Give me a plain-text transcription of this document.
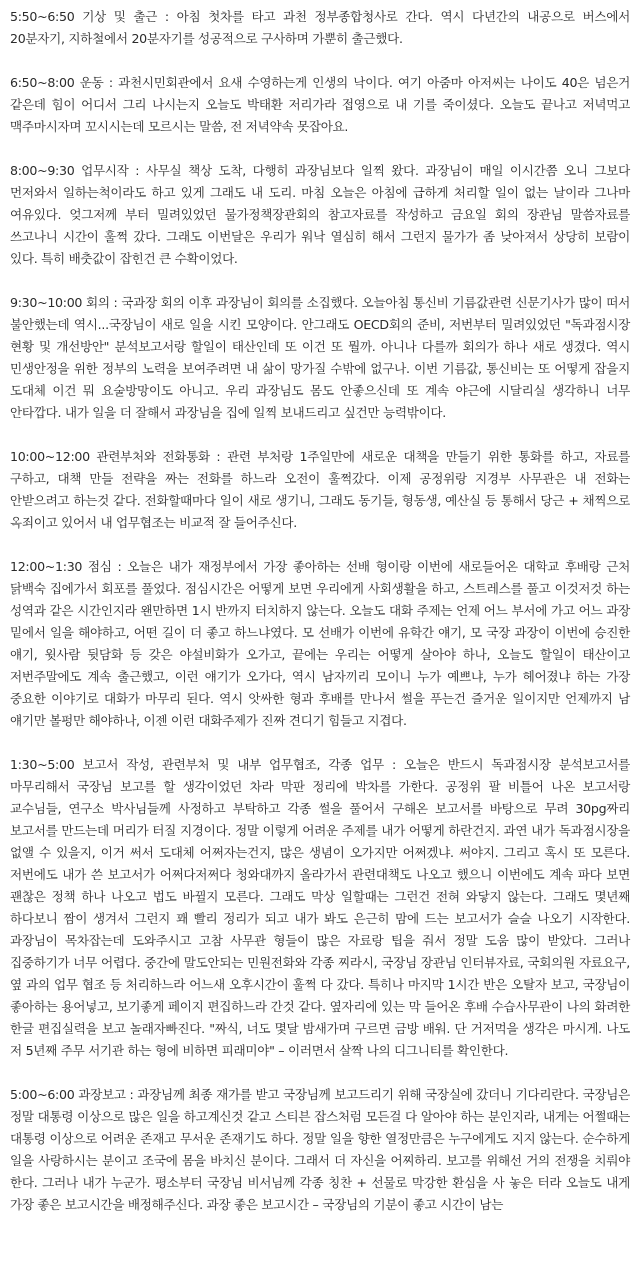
5:50~6:50 기상 및 출근 : 아침 첫차를 타고 과천 정부종합청사로 간다. 역시 다년간의 내공으로 버스에서 20분자기, 지하철에서 20분자기를 성공적으로 구사하며 가뿐히 출근했다.

6:50~8:00 운동 : 과천시민회관에서 요새 수영하는게 인생의 낙이다. 여기 아줌마 아저씨는 나이도 40은 넘은거 같은데 힘이 어디서 그리 나시는지 오늘도 박태환 저리가라 접영으로 내 기를 죽이셨다. 오늘도 끝나고 저녁먹고 맥주마시자며 꼬시시는데 모르시는 말씀, 전 저녁약속 못잡아요.

8:00~9:30 업무시작 : 사무실 책상 도착, 다행히 과장님보다 일찍 왔다. 과장님이 매일 이시간쯤 오니 그보다 먼저와서 일하는척이라도 하고 있게 그래도 내 도리. 마침 오늘은 아침에 급하게 처리할 일이 없는 날이라 그나마 여유있다. 엊그저께 부터 밀려있었던 물가정책장관회의 참고자료를 작성하고 금요일 회의 장관님 말씀자료를 쓰고나니 시간이 훌쩍 갔다. 그래도 이번달은 우리가 워낙 열심히 해서 그런지 물가가 좀 낮아져서 상당히 보람이 있다. 특히 배춧값이 잡힌건 큰 수확이었다.

9:30~10:00 회의 : 국과장 회의 이후 과장님이 회의를 소집했다. 오늘아침 통신비 기름값관련 신문기사가 많이 떠서 불안했는데 역시...국장님이 새로 일을 시킨 모양이다. 안그래도 OECD회의 준비, 저번부터 밀려있었던 "독과점시장 현황 및 개선방안" 분석보고서랑 할일이 태산인데 또 이건 또 뭘까. 아니나 다를까 회의가 하나 새로 생겼다. 역시 민생안정을 위한 정부의 노력을 보여주려면 내 삶이 망가질 수밖에 없구나. 이번 기름값, 통신비는 또 어떻게 잡을지 도대체 이건 뭐 요술방망이도 아니고. 우리 과장님도 몸도 안좋으신데 또 계속 야근에 시달리실 생각하니 너무 안타깝다. 내가 일을 더 잘해서 과장님을 집에 일찍 보내드리고 싶건만 능력밖이다.

10:00~12:00 관련부처와 전화통화 : 관련 부처랑 1주일만에 새로운 대책을 만들기 위한 통화를 하고, 자료를 구하고, 대책 만들 전략을 짜는 전화를 하느라 오전이 훌쩍갔다. 이제 공정위랑 지경부 사무관은 내 전화는 안받으려고 하는것 같다. 전화할때마다 일이 새로 생기니, 그래도 동기들, 형동생, 예산실 등 통해서 당근 + 채찍으로 옥죄이고 있어서 내 업무협조는 비교적 잘 들어주신다.

12:00~1:30 점심 : 오늘은 내가 재정부에서 가장 좋아하는 선배 형이랑 이번에 새로들어온 대학교 후배랑 근처 닭백숙 집에가서 회포를 풀었다. 점심시간은 어떻게 보면 우리에게 사회생활을 하고, 스트레스를 풀고 이것저것 하는 성역과 같은 시간인지라 왠만하면 1시 반까지 터치하지 않는다. 오늘도 대화 주제는 언제 어느 부서에 가고 어느 과장 밑에서 일을 해야하고, 어떤 길이 더 좋고 하느냐였다. 모 선배가 이번에 유학간 얘기, 모 국장 과장이 이번에 승진한 얘기, 윗사람 뒷담화 등 갖은 야설비화가 오가고, 끝에는 우리는 어떻게 살아야 하나, 오늘도 할일이 태산이고 저번주말에도 계속 출근했고, 이런 얘기가 오가다, 역시 남자끼리 모이니 누가 예쁘냐, 누가 헤어졌냐 하는 가장 중요한 이야기로 대화가 마무리 된다. 역시 앗싸한 형과 후배를 만나서 썰을 푸는건 즐거운 일이지만 언제까지 남 얘기만 볼펑만 해야하나, 이젠 이런 대화주제가 진짜 견디기 힘들고 지겹다.

1:30~5:00 보고서 작성, 관련부처 및 내부 업무협조, 각종 업무 : 오늘은 반드시 독과점시장 분석보고서를 마무리해서 국장님 보고를 할 생각이었던 차라 막판 정리에 박차를 가한다. 공정위 팔 비틀어 나온 보고서랑 교수님들, 연구소 박사님들께 사정하고 부탁하고 각종 썰을 풀어서 구해온 보고서를 바탕으로 무려 30pg짜리 보고서를 만드는데 머리가 터질 지경이다. 정말 이렇게 어려운 주제를 내가 어떻게 하란건지. 과연 내가 독과점시장을 없앨 수 있을지, 이거 써서 도대체 어쩌자는건지, 많은 생념이 오가지만 어쩌겠냐. 써야지. 그리고 혹시 또 모른다. 저번에도 내가 쓴 보고서가 어쩌다저쩌다 청와대까지 올라가서 관련대책도 나오고 했으니 이번에도 계속 파다 보면 괜찮은 정책 하나 나오고 법도 바뀔지 모른다. 그래도 막상 일할때는 그런건 전혀 와닿지 않는다. 그래도 몇년째 하다보니 짬이 생겨서 그런지 꽤 빨리 정리가 되고 내가 봐도 은근히 맘에 드는 보고서가 슬슬 나오기 시작한다. 과장님이 목차잡는데 도와주시고 고참 사무관 형들이 많은 자료랑 팁을 줘서 정말 도움 많이 받았다. 그러나 집중하기가 너무 어렵다. 중간에 말도안되는 민원전화와 각종 찌라시, 국장님 장관님 인터뷰자료, 국회의원 자료요구, 옆 과의 업무 협조 등 처리하느라 어느새 오후시간이 훌쩍 다 갔다. 특히나 마지막 1시간 반은 오탈자 보고, 국장님이 좋아하는 용어넣고, 보기좋게 페이지 편집하느라 간것 같다. 옆자리에 있는 막 들어온 후배 수습사무관이 나의 화려한 한글 편집실력을 보고 놀래자빠진다. "짜식, 너도 몇달 밤새가며 구르면 금방 배워. 단 거저먹을 생각은 마시게. 나도 저 5년째 주무 서기관 하는 형에 비하면 피래미야" – 이러면서 살짝 나의 디그니티를 확인한다.

5:00~6:00 과장보고 : 과장님께 최종 재가를 받고 국장님께 보고드리기 위해 국장실에 갔더니 기다리란다. 국장님은 정말 대통령 이상으로 많은 일을 하고계신것 같고 스티븐 잡스처럼 모든걸 다 알아야 하는 분인지라, 내게는 어쩔때는 대통령 이상으로 어려운 존재고 무서운 존재기도 하다. 정말 일을 향한 열정만큼은 누구에게도 지지 않는다. 순수하게 일을 사랑하시는 분이고 조국에 몸을 바치신 분이다. 그래서 더 자신을 어찌하리. 보고를 위해선 거의 전쟁을 치뤄야 한다. 그러나 내가 누군가. 평소부터 국장님 비서님께 각종 칭찬 + 선물로 막강한 환심을 사 놓은 터라 오늘도 내게 가장 좋은 보고시간을 배정해주신다. 과장 좋은 보고시간 – 국장님의 기분이 좋고 시간이 남는
